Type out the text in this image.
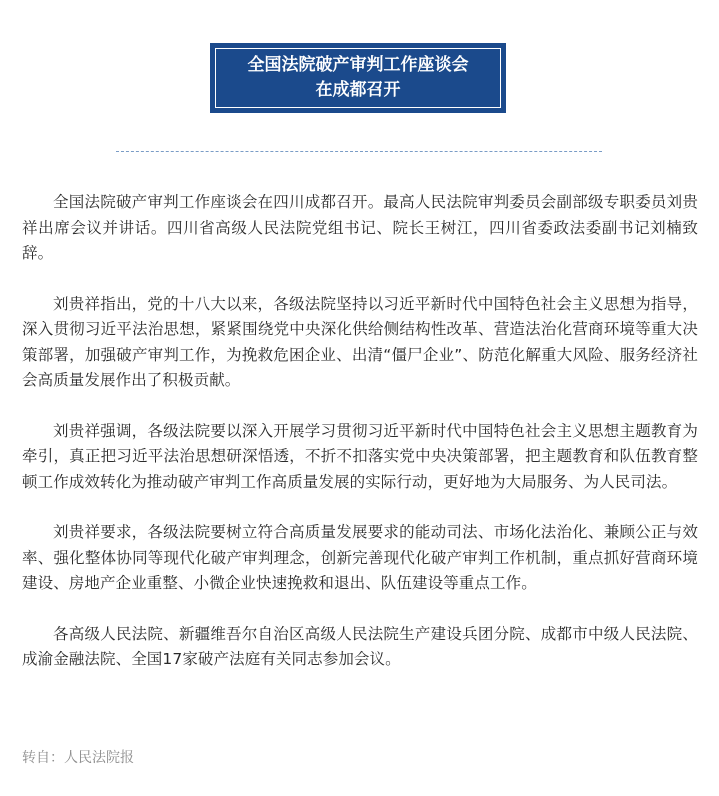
全国法院破产审判工作座谈会
在成都召开

全国法院破产审判工作座谈会在四川成都召开。最高人民法院审判委员会副部级专职委员刘贵祥出席会议并讲话。四川省高级人民法院党组书记、院长王树江，四川省委政法委副书记刘楠致辞。

刘贵祥指出，党的十八大以来，各级法院坚持以习近平新时代中国特色社会主义思想为指导，深入贯彻习近平法治思想，紧紧围绕党中央深化供给侧结构性改革、营造法治化营商环境等重大决策部署，加强破产审判工作，为挽救危困企业、出清“僵尸企业”、防范化解重大风险、服务经济社会高质量发展作出了积极贡献。

刘贵祥强调，各级法院要以深入开展学习贯彻习近平新时代中国特色社会主义思想主题教育为牵引，真正把习近平法治思想研深悟透，不折不扣落实党中央决策部署，把主题教育和队伍教育整顿工作成效转化为推动破产审判工作高质量发展的实际行动，更好地为大局服务、为人民司法。

刘贵祥要求，各级法院要树立符合高质量发展要求的能动司法、市场化法治化、兼顾公正与效率、强化整体协同等现代化破产审判理念，创新完善现代化破产审判工作机制，重点抓好营商环境建设、房地产企业重整、小微企业快速挽救和退出、队伍建设等重点工作。

各高级人民法院、新疆维吾尔自治区高级人民法院生产建设兵团分院、成都市中级人民法院、成渝金融法院、全国17家破产法庭有关同志参加会议。

转自：人民法院报
